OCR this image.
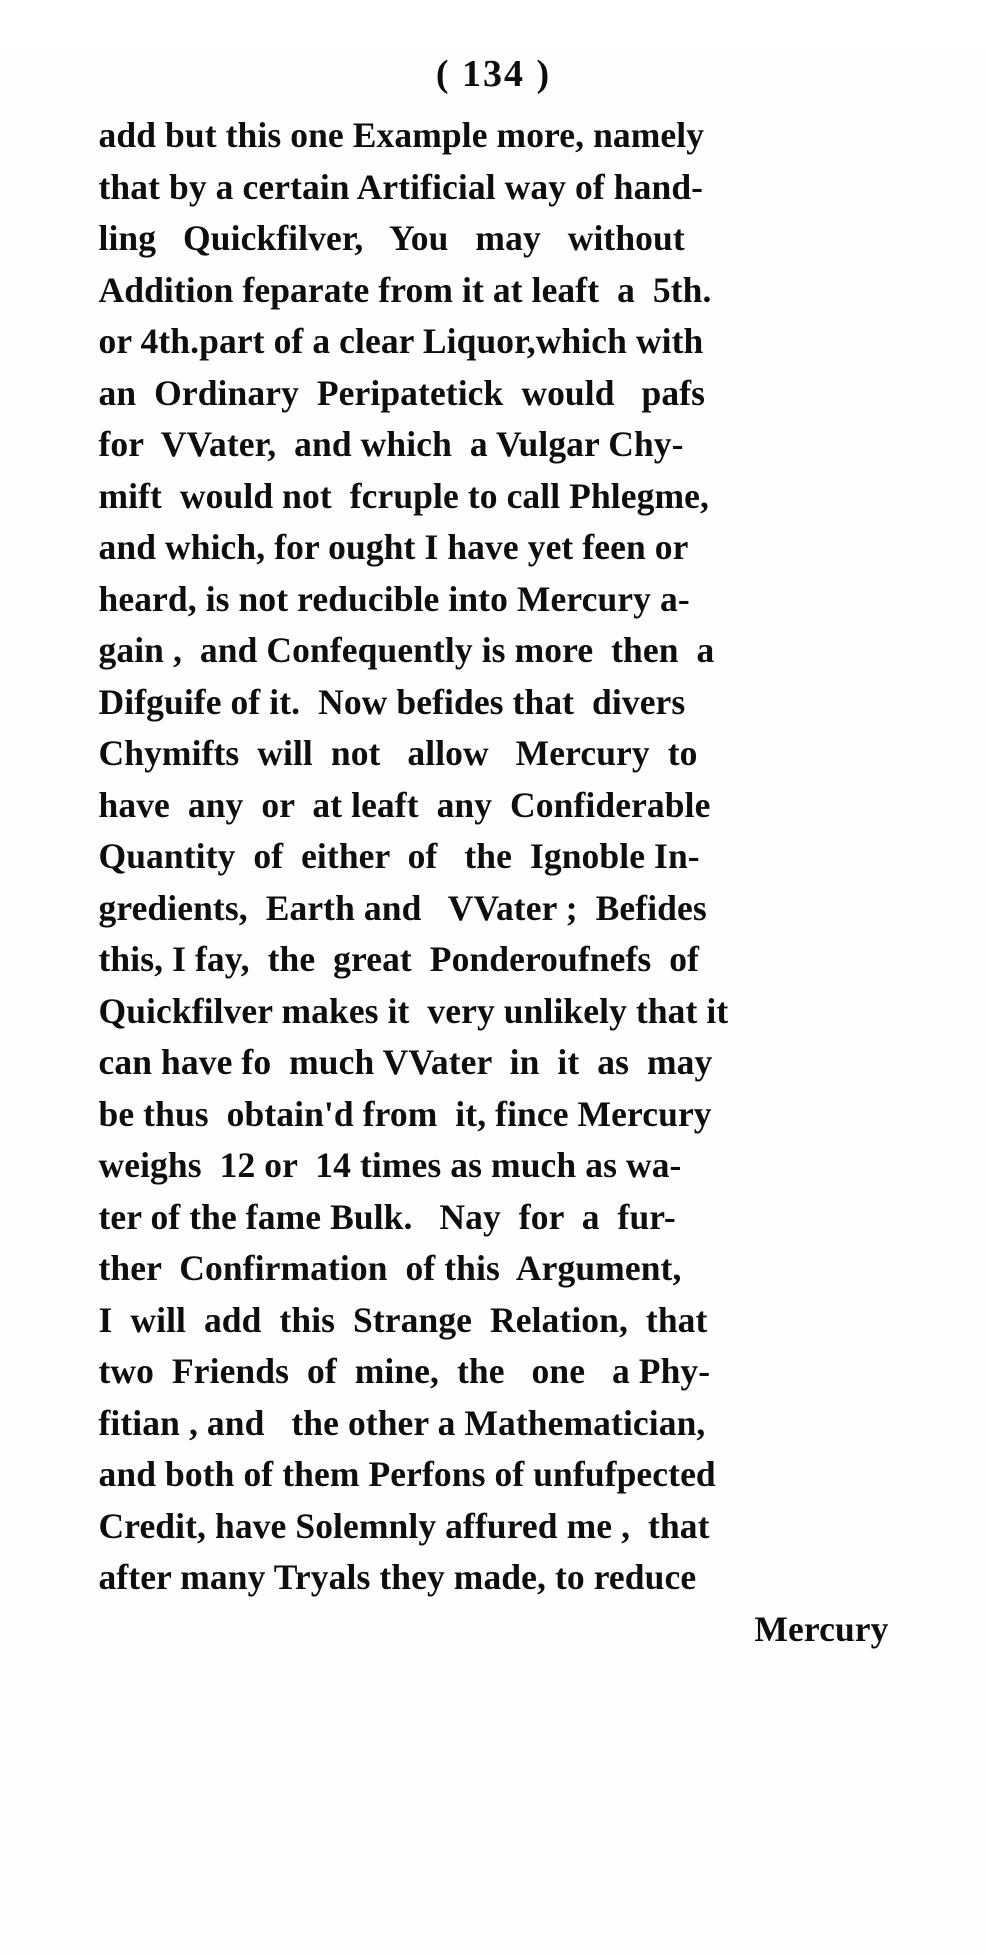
( 134 )
add but this one Example more, namely
that by a certain Artificial way of hand-
ling   Quickfilver,   You   may   without
Addition feparate from it at leaft  a  5th.
or 4th.part of a clear Liquor,which with
an  Ordinary  Peripatetick  would   pafs
for  VVater,  and which  a Vulgar Chy-
mift  would not  fcruple to call Phlegme,
and which, for ought I have yet feen or
heard, is not reducible into Mercury a-
gain ,  and Confequently is more  then  a
Difguife of it.  Now befides that  divers
Chymifts  will  not   allow   Mercury  to
have  any  or  at leaft  any  Confiderable
Quantity  of  either  of   the  Ignoble In-
gredients,  Earth and   VVater ;  Befides
this, I fay,  the  great  Ponderoufnefs  of
Quickfilver makes it  very unlikely that it
can have fo  much VVater  in  it  as  may
be thus  obtain'd from  it, fince Mercury
weighs  12 or  14 times as much as wa-
ter of the fame Bulk.   Nay  for  a  fur-
ther  Confirmation  of this  Argument,
I  will  add  this  Strange  Relation,  that
two  Friends  of  mine,  the   one   a Phy-
fitian , and   the other a Mathematician,
and both of them Perfons of unfufpected
Credit, have Solemnly affured me ,  that
after many Tryals they made, to reduce
Mercury
